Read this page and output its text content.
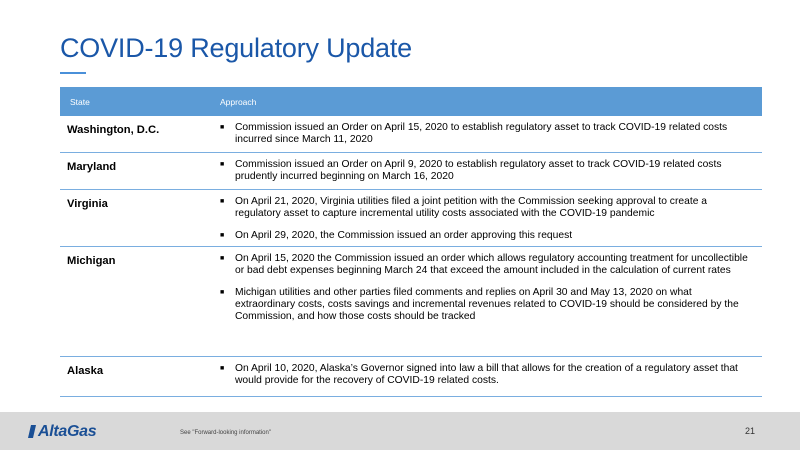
COVID-19 Regulatory Update
State	Approach
Washington, D.C.	■	Commission issued an Order on April 15, 2020 to establish regulatory asset to track COVID-19 related costs incurred since March 11, 2020
Maryland	■	Commission issued an Order on April 9, 2020 to establish regulatory asset to track COVID-19 related costs prudently incurred beginning on March 16, 2020
Virginia	■	On April 21, 2020, Virginia utilities filed a joint petition with the Commission seeking approval to create a regulatory asset to capture incremental utility costs associated with the COVID-19 pandemic
■	On April 29, 2020, the Commission issued an order approving this request
Michigan	■	On April 15, 2020 the Commission issued an order which allows regulatory accounting treatment for uncollectible or bad debt expenses beginning March 24 that exceed the amount included in the calculation of current rates
■	Michigan utilities and other parties filed comments and replies on April 30 and May 13, 2020 on what extraordinary costs, costs savings and incremental revenues related to COVID-19 should be considered by the Commission, and how those costs should be tracked
Alaska	■	On April 10, 2020, Alaska’s Governor signed into law a bill that allows for the creation of a regulatory asset that would provide for the recovery of COVID-19 related costs.
AltaGas	See "Forward-looking information"	21
